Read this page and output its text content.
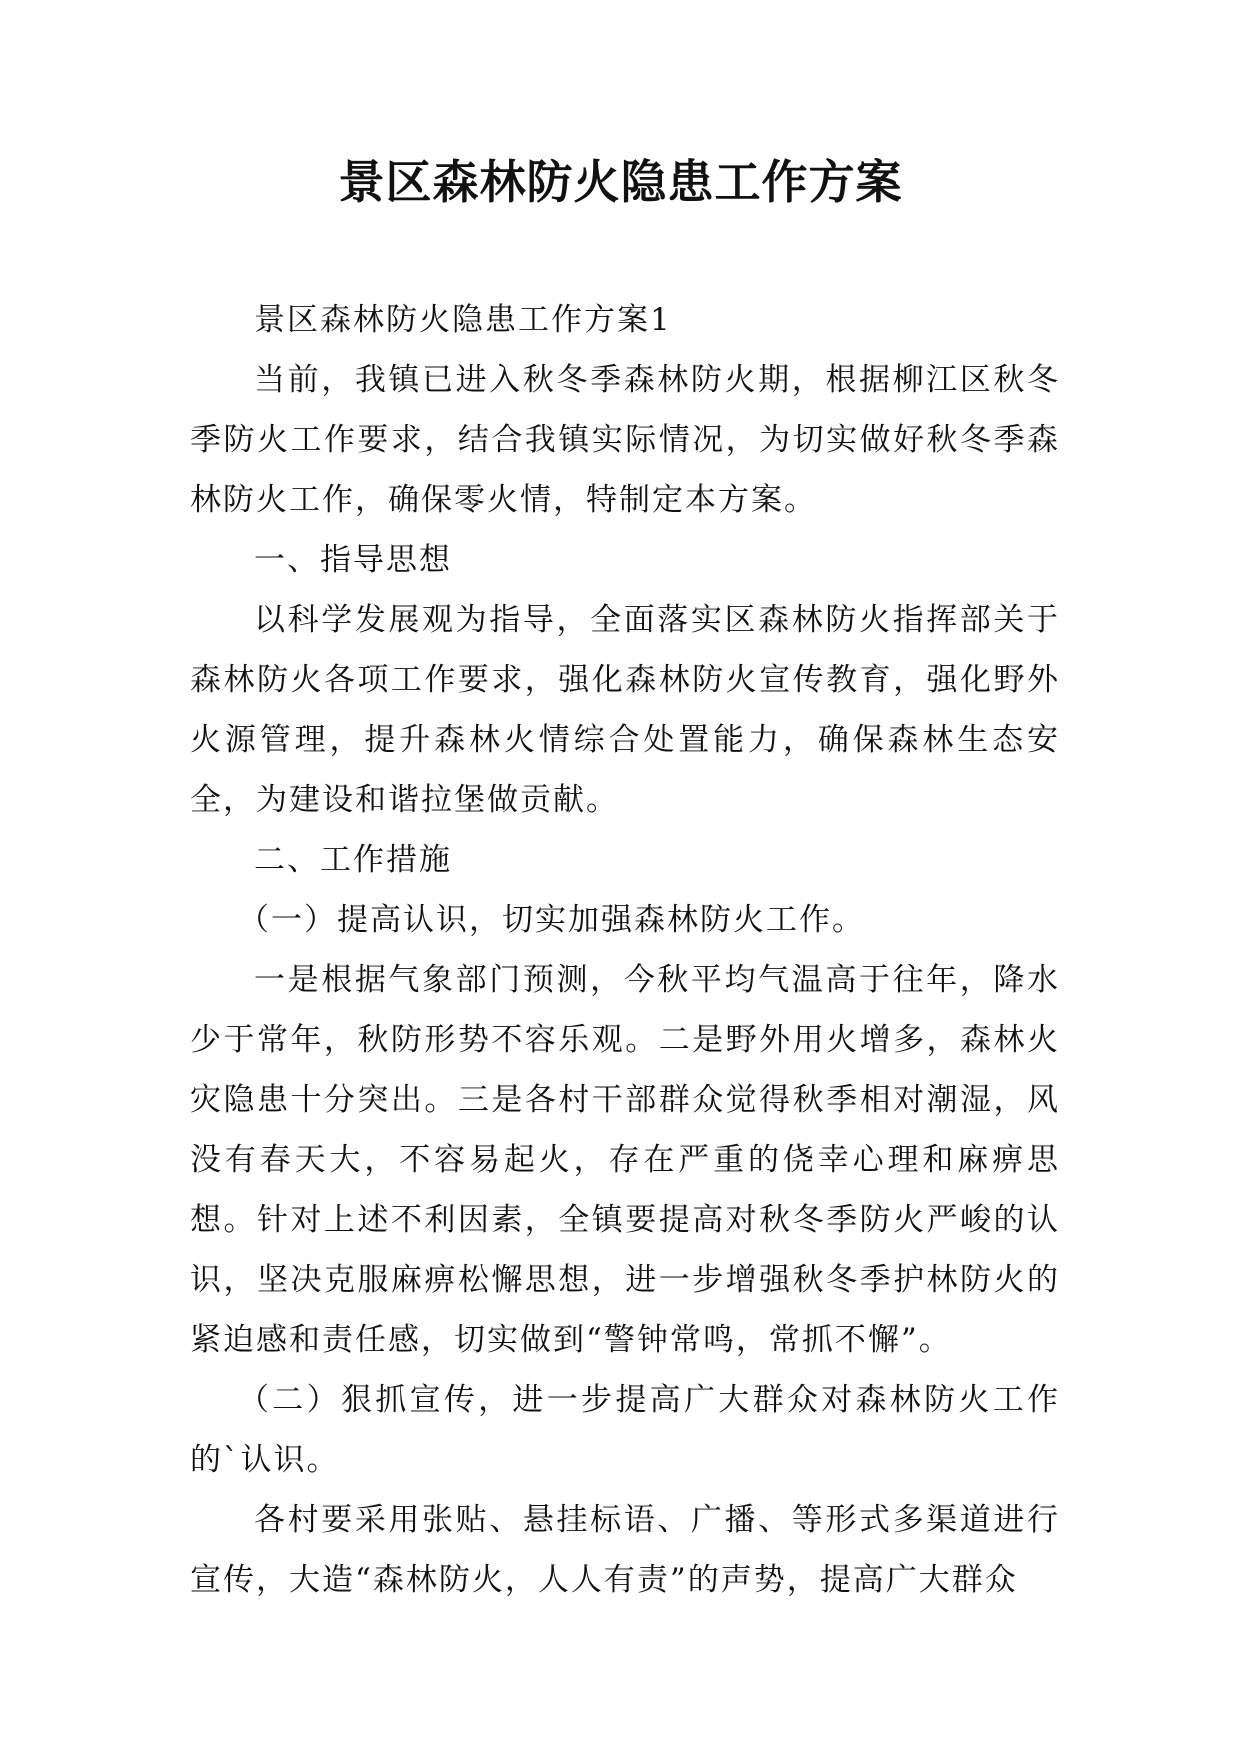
景区森林防火隐患工作方案

景区森林防火隐患工作方案1

当前，我镇已进入秋冬季森林防火期，根据柳江区秋冬季防火工作要求，结合我镇实际情况，为切实做好秋冬季森林防火工作，确保零火情，特制定本方案。

一、指导思想

以科学发展观为指导，全面落实区森林防火指挥部关于森林防火各项工作要求，强化森林防火宣传教育，强化野外火源管理，提升森林火情综合处置能力，确保森林生态安全，为建设和谐拉堡做贡献。

二、工作措施

（一）提高认识，切实加强森林防火工作。

一是根据气象部门预测，今秋平均气温高于往年，降水少于常年，秋防形势不容乐观。二是野外用火增多，森林火灾隐患十分突出。三是各村干部群众觉得秋季相对潮湿，风没有春天大，不容易起火，存在严重的侥幸心理和麻痹思想。针对上述不利因素，全镇要提高对秋冬季防火严峻的认识，坚决克服麻痹松懈思想，进一步增强秋冬季护林防火的紧迫感和责任感，切实做到“警钟常鸣，常抓不懈”。

（二）狠抓宣传，进一步提高广大群众对森林防火工作的`认识。

各村要采用张贴、悬挂标语、广播、等形式多渠道进行宣传，大造“森林防火，人人有责”的声势，提高广大群众
